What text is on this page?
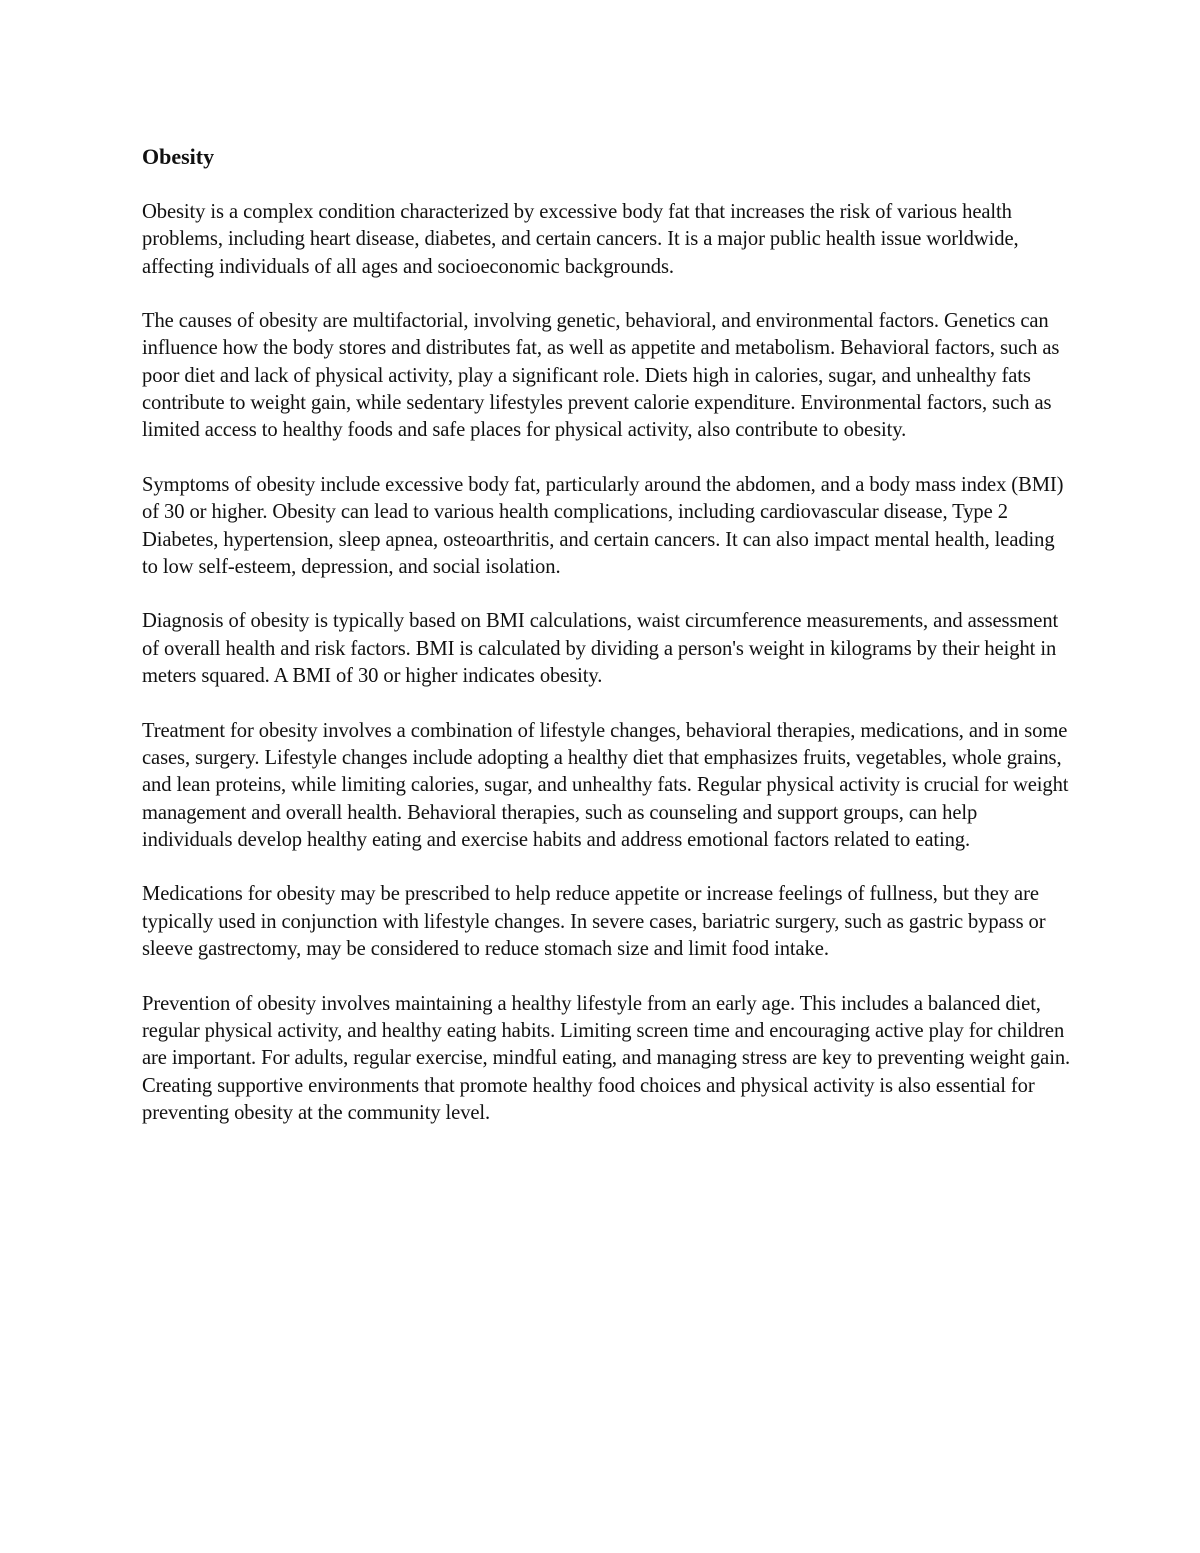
Obesity

Obesity is a complex condition characterized by excessive body fat that increases the risk of various health problems, including heart disease, diabetes, and certain cancers. It is a major public health issue worldwide, affecting individuals of all ages and socioeconomic backgrounds.

The causes of obesity are multifactorial, involving genetic, behavioral, and environmental factors. Genetics can influence how the body stores and distributes fat, as well as appetite and metabolism. Behavioral factors, such as poor diet and lack of physical activity, play a significant role. Diets high in calories, sugar, and unhealthy fats contribute to weight gain, while sedentary lifestyles prevent calorie expenditure. Environmental factors, such as limited access to healthy foods and safe places for physical activity, also contribute to obesity.

Symptoms of obesity include excessive body fat, particularly around the abdomen, and a body mass index (BMI) of 30 or higher. Obesity can lead to various health complications, including cardiovascular disease, Type 2 Diabetes, hypertension, sleep apnea, osteoarthritis, and certain cancers. It can also impact mental health, leading to low self-esteem, depression, and social isolation.

Diagnosis of obesity is typically based on BMI calculations, waist circumference measurements, and assessment of overall health and risk factors. BMI is calculated by dividing a person's weight in kilograms by their height in meters squared. A BMI of 30 or higher indicates obesity.

Treatment for obesity involves a combination of lifestyle changes, behavioral therapies, medications, and in some cases, surgery. Lifestyle changes include adopting a healthy diet that emphasizes fruits, vegetables, whole grains, and lean proteins, while limiting calories, sugar, and unhealthy fats. Regular physical activity is crucial for weight management and overall health. Behavioral therapies, such as counseling and support groups, can help individuals develop healthy eating and exercise habits and address emotional factors related to eating.

Medications for obesity may be prescribed to help reduce appetite or increase feelings of fullness, but they are typically used in conjunction with lifestyle changes. In severe cases, bariatric surgery, such as gastric bypass or sleeve gastrectomy, may be considered to reduce stomach size and limit food intake.

Prevention of obesity involves maintaining a healthy lifestyle from an early age. This includes a balanced diet, regular physical activity, and healthy eating habits. Limiting screen time and encouraging active play for children are important. For adults, regular exercise, mindful eating, and managing stress are key to preventing weight gain. Creating supportive environments that promote healthy food choices and physical activity is also essential for preventing obesity at the community level.
